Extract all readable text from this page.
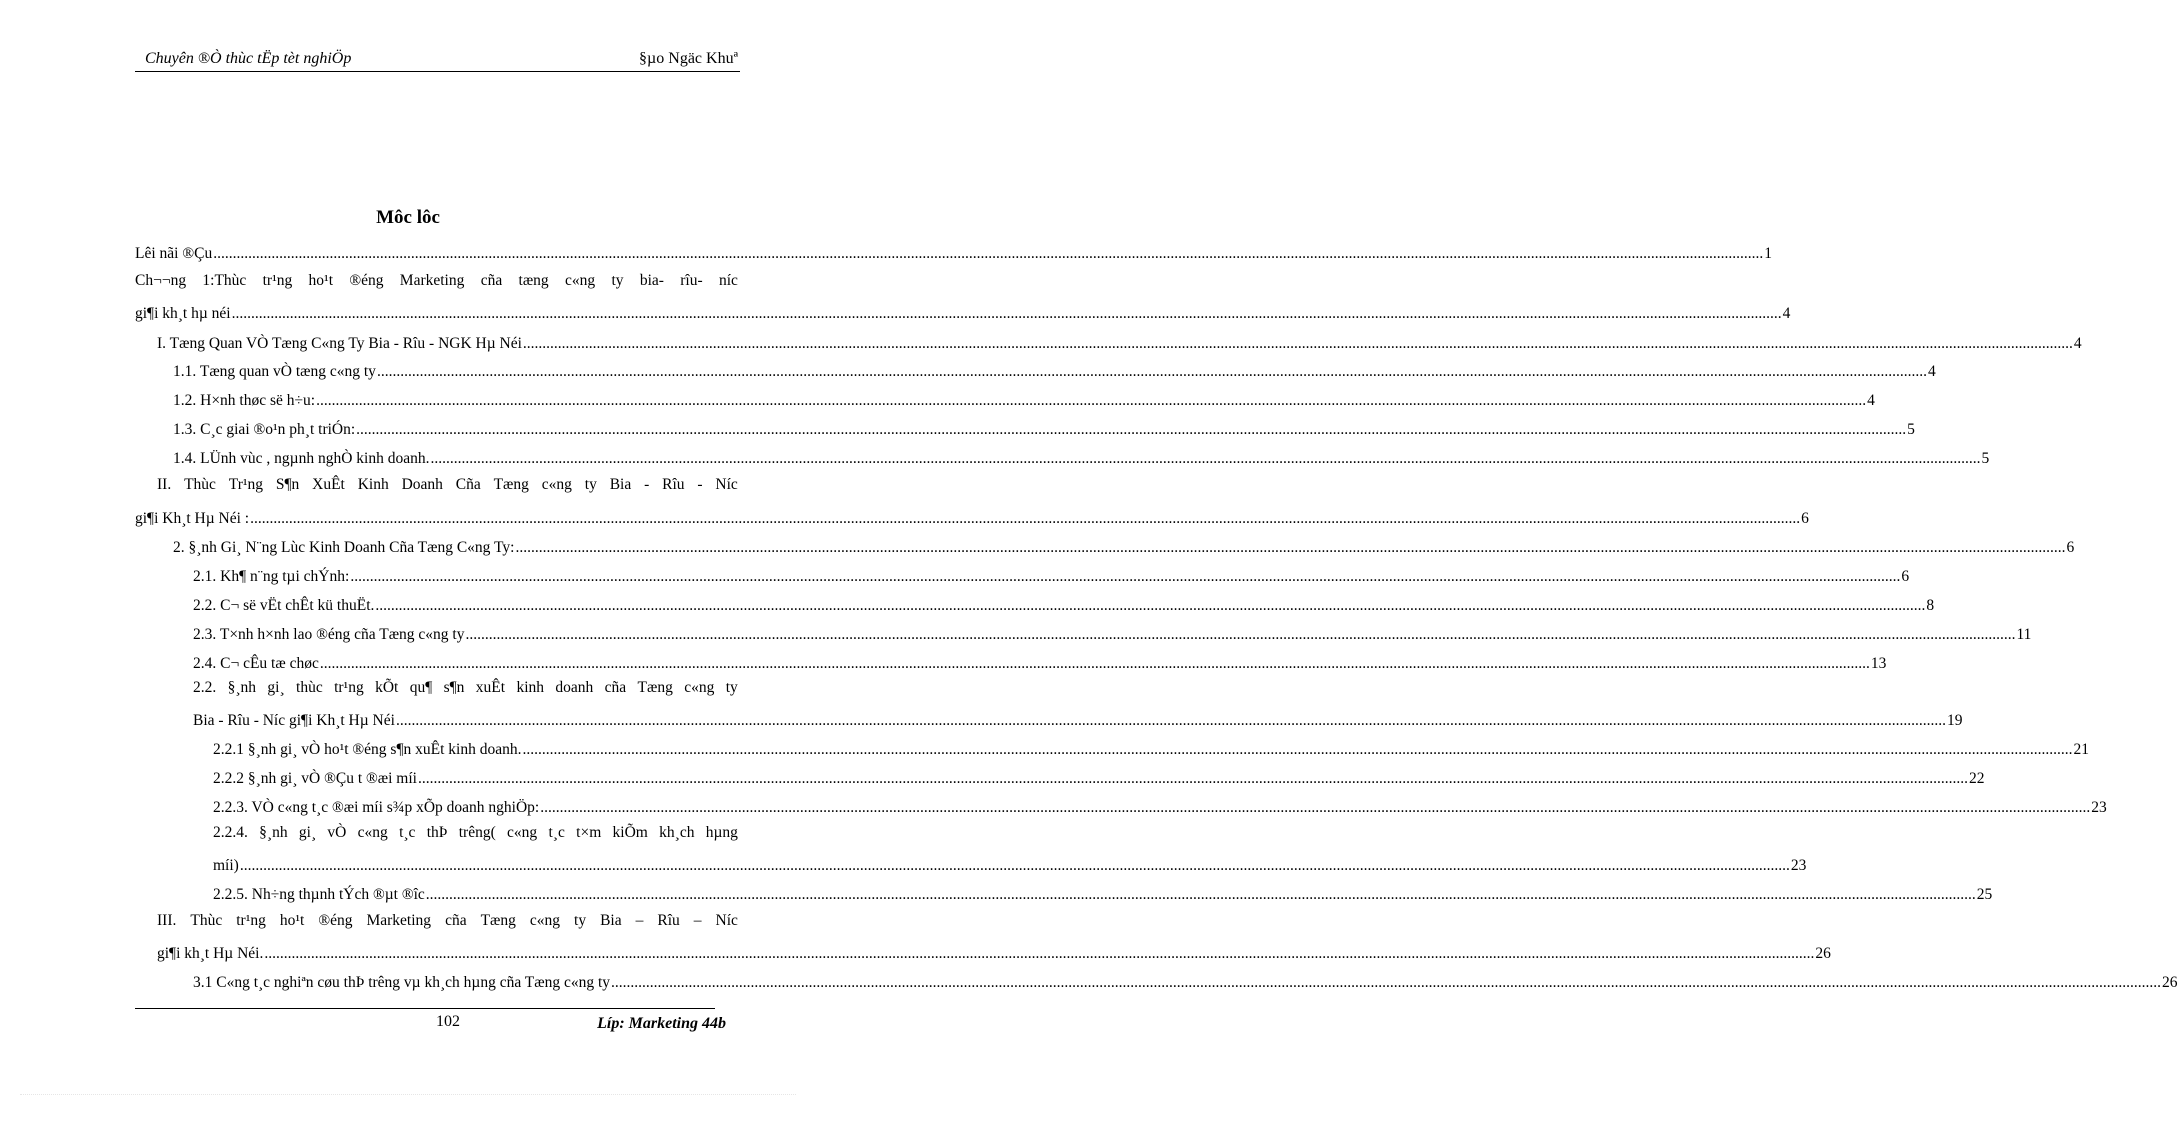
Chuyên ®Ò thùc tËp tèt nghiÖp	§µo Ngäc Khuª
Môc lôc
Lêi nãi ®Çu ................................................................................................................................................................................................................................................................................................................................................................................................................ 1
Ch¬¬ng 1:Thùc tr¹ng ho¹t ®éng Marketing cña tæng c«ng ty bia- rîu- níc
gi¶i kh¸t hµ néi ................................................................................................................................................................................................................................................................................................................................................................................................................ 4
I. Tæng Quan VÒ Tæng C«ng Ty Bia - Rîu - NGK Hµ Néi ................................................................................................................................................................................................................................................................................................................................................................................................................ 4
1.1. Tæng quan vÒ tæng c«ng ty ................................................................................................................................................................................................................................................................................................................................................................................................................ 4
1.2. H×nh thøc së h÷u: ................................................................................................................................................................................................................................................................................................................................................................................................................ 4
1.3. C¸c giai ®o¹n ph¸t triÓn: ................................................................................................................................................................................................................................................................................................................................................................................................................ 5
1.4. LÜnh vùc , ngµnh nghÒ kinh doanh. ................................................................................................................................................................................................................................................................................................................................................................................................................ 5
II. Thùc Tr¹ng S¶n XuÊt Kinh Doanh Cña Tæng c«ng ty Bia - Rîu - Níc
gi¶i Kh¸t Hµ Néi : ................................................................................................................................................................................................................................................................................................................................................................................................................ 6
2. §¸nh Gi¸ N¨ng Lùc Kinh Doanh Cña Tæng C«ng Ty: ................................................................................................................................................................................................................................................................................................................................................................................................................ 6
2.1. Kh¶ n¨ng tµi chÝnh: ................................................................................................................................................................................................................................................................................................................................................................................................................ 6
2.2. C¬ së vËt chÊt kü thuËt. ................................................................................................................................................................................................................................................................................................................................................................................................................ 8
2.3. T×nh h×nh lao ®éng cña Tæng c«ng ty ................................................................................................................................................................................................................................................................................................................................................................................................................ 11
2.4. C¬ cÊu tæ chøc ................................................................................................................................................................................................................................................................................................................................................................................................................ 13
2.2. §¸nh gi¸ thùc tr¹ng kÕt qu¶ s¶n xuÊt kinh doanh cña Tæng c«ng ty
Bia - Rîu - Níc gi¶i Kh¸t Hµ Néi ................................................................................................................................................................................................................................................................................................................................................................................................................ 19
2.2.1 §¸nh gi¸ vÒ ho¹t ®éng s¶n xuÊt kinh doanh. ................................................................................................................................................................................................................................................................................................................................................................................................................ 21
2.2.2 §¸nh gi¸ vÒ ®Çu t ®æi míi ................................................................................................................................................................................................................................................................................................................................................................................................................ 22
2.2.3. VÒ c«ng t¸c ®æi míi s¾p xÕp doanh nghiÖp: ................................................................................................................................................................................................................................................................................................................................................................................................................ 23
2.2.4. §¸nh gi¸ vÒ c«ng t¸c thÞ trêng( c«ng t¸c t×m kiÕm kh¸ch hµng
míi) ................................................................................................................................................................................................................................................................................................................................................................................................................ 23
2.2.5. Nh÷ng thµnh tÝch ®µt ®îc ................................................................................................................................................................................................................................................................................................................................................................................................................ 25
III. Thùc tr¹ng ho¹t ®éng Marketing cña Tæng c«ng ty Bia – Rîu – Níc
gi¶i kh¸t Hµ Néi. ................................................................................................................................................................................................................................................................................................................................................................................................................ 26
3.1 C«ng t¸c nghiªn cøu thÞ trêng vµ kh¸ch hµng cña Tæng c«ng ty ................................................................................................................................................................................................................................................................................................................................................................................................................ 26
102	Líp: Marketing 44b
